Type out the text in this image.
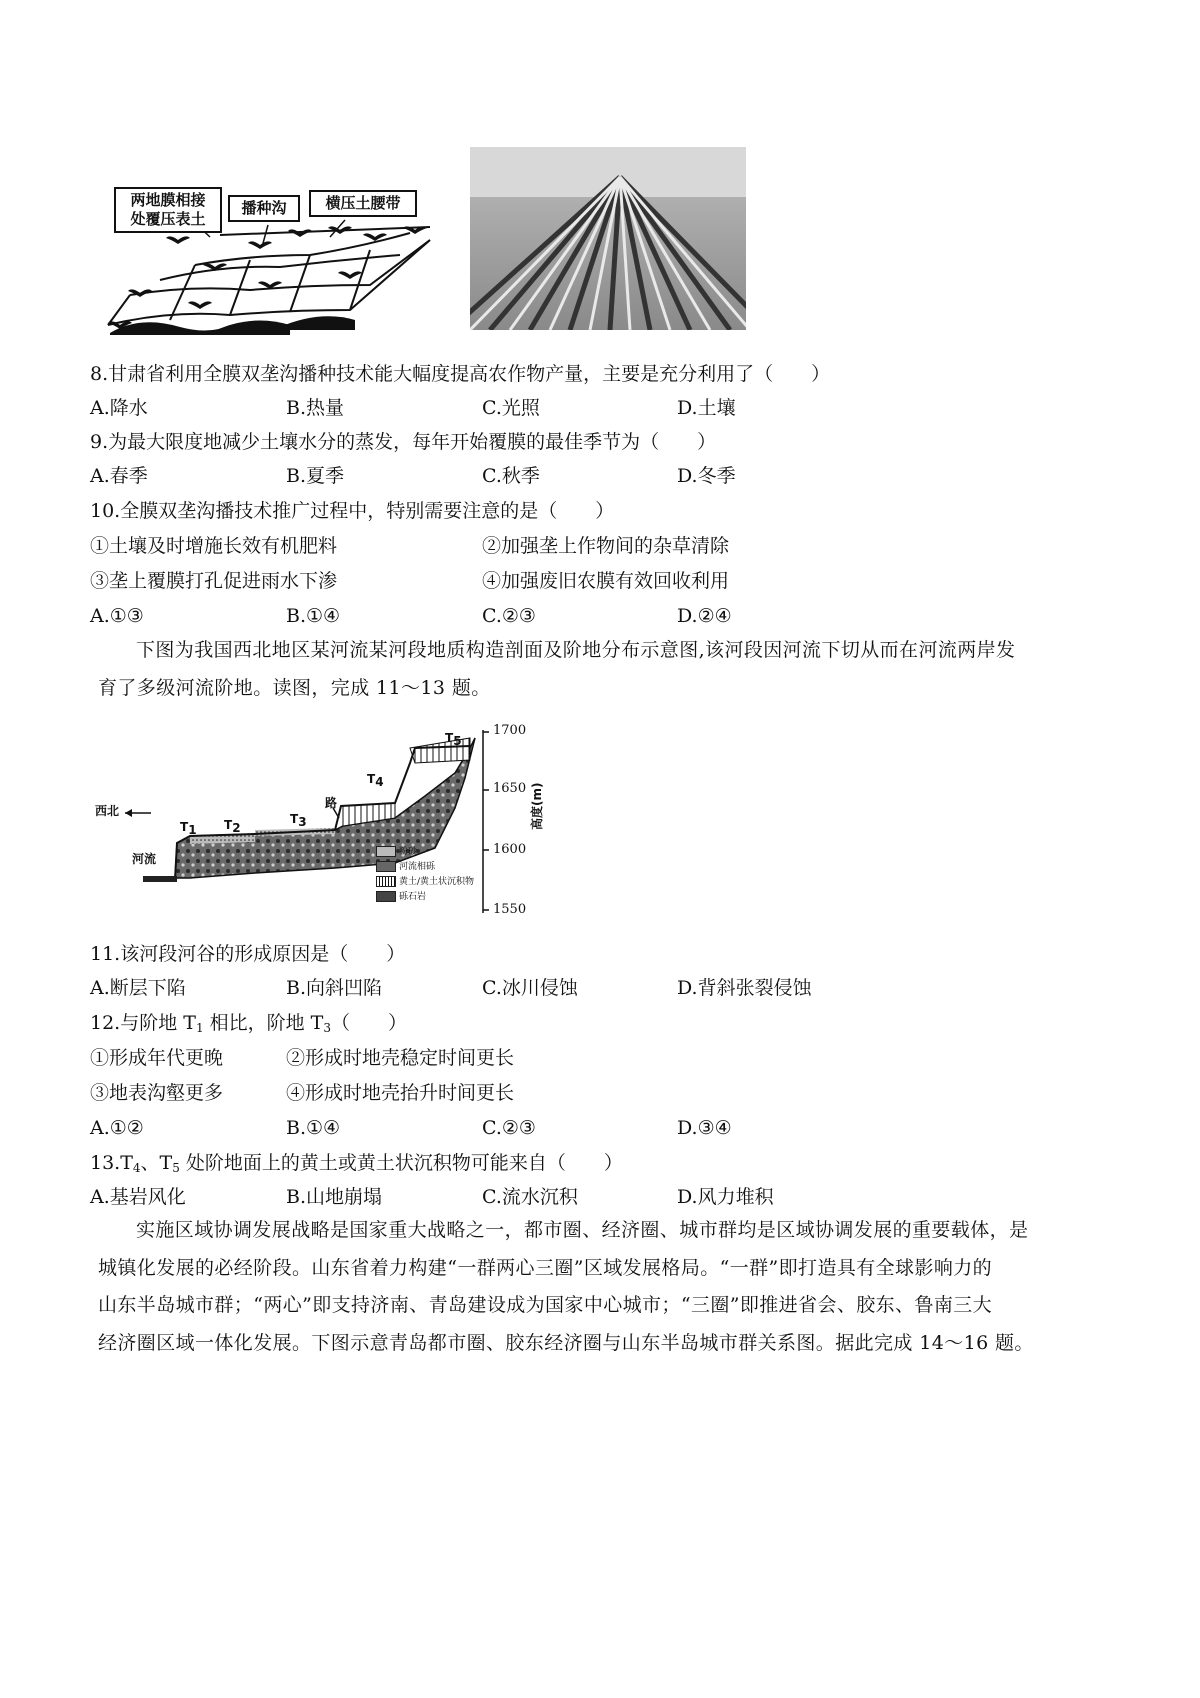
两地膜相接
处覆压表土
播种沟	横压土腰带
8.甘肃省利用全膜双垄沟播种技术能大幅度提高农作物产量，主要是充分利用了（　　）
A.降水	B.热量	C.光照	D.土壤
9.为最大限度地减少土壤水分的蒸发，每年开始覆膜的最佳季节为（　　）
A.春季	B.夏季	C.秋季	D.冬季
10.全膜双垄沟播技术推广过程中，特别需要注意的是（　　）
①土壤及时增施长效有机肥料	②加强垄上作物间的杂草清除
③垄上覆膜打孔促进雨水下渗	④加强废旧农膜有效回收利用
A.①③	B.①④	C.②③	D.②④
下图为我国西北地区某河流某河段地质构造剖面及阶地分布示意图,该河段因河流下切从而在河流两岸发
育了多级河流阶地。读图，完成 11～13 题。
西北
河流
路
$T_1$ $T_2$
$T_3$
$T_4$
$T_5$
1700
1650
1600
1550
高度(m)
粉砂
河流相砾
黄土/黄土状沉积物
砾石岩
11.该河段河谷的形成原因是（　　）
A.断层下陷	B.向斜凹陷	C.冰川侵蚀	D.背斜张裂侵蚀
12.与阶地 $T_1$ 相比，阶地 $T_3$（　　）
①形成年代更晚	②形成时地壳稳定时间更长
③地表沟壑更多	④形成时地壳抬升时间更长
A.①②	B.①④	C.②③	D.③④
$13.T_4$、$T_5$ 处阶地面上的黄土或黄土状沉积物可能来自（　　）
A.基岩风化	B.山地崩塌	C.流水沉积	D.风力堆积
实施区域协调发展战略是国家重大战略之一，都市圈、经济圈、城市群均是区域协调发展的重要载体，是
城镇化发展的必经阶段。山东省着力构建“一群两心三圈”区域发展格局。“一群”即打造具有全球影响力的
山东半岛城市群；“两心”即支持济南、青岛建设成为国家中心城市；“三圈”即推进省会、胶东、鲁南三大
经济圈区域一体化发展。下图示意青岛都市圈、胶东经济圈与山东半岛城市群关系图。据此完成 14～16 题。
